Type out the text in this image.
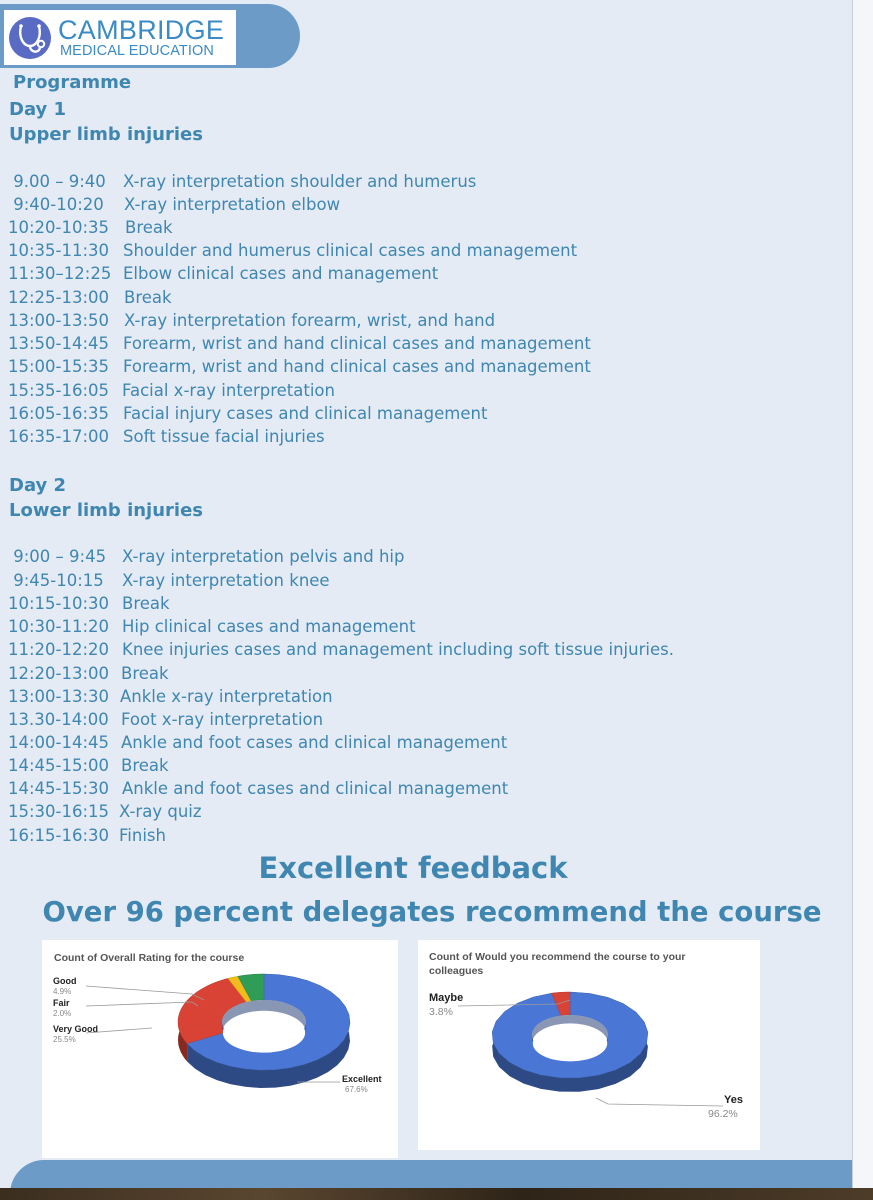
CAMBRIDGE
MEDICAL EDUCATION
Programme
Day 1
Upper limb injuries
9.00 – 9:40 X-ray interpretation shoulder and humerus
9:40-10:20 X-ray interpretation elbow
10:20-10:35 Break
10:35-11:30 Shoulder and humerus clinical cases and management
11:30–12:25 Elbow clinical cases and management
12:25-13:00 Break
13:00-13:50 X-ray interpretation forearm, wrist, and hand
13:50-14:45 Forearm, wrist and hand clinical cases and management
15:00-15:35 Forearm, wrist and hand clinical cases and management
15:35-16:05 Facial x-ray interpretation
16:05-16:35 Facial injury cases and clinical management
16:35-17:00 Soft tissue facial injuries
Day 2
Lower limb injuries
9:00 – 9:45 X-ray interpretation pelvis and hip
9:45-10:15 X-ray interpretation knee
10:15-10:30 Break
10:30-11:20 Hip clinical cases and management
11:20-12:20 Knee injuries cases and management including soft tissue injuries.
12:20-13:00 Break
13:00-13:30 Ankle x-ray interpretation
13.30-14:00 Foot x-ray interpretation
14:00-14:45 Ankle and foot cases and clinical management
14:45-15:00 Break
14:45-15:30 Ankle and foot cases and clinical management
15:30-16:15 X-ray quiz
16:15-16:30 Finish
Excellent feedback
Over 96 percent delegates recommend the course
Count of Overall Rating for the course
Good
4.9%
Fair
2.0%
Very Good
25.5%
Excellent
67.6%
Count of Would you recommend the course to your
colleagues
Maybe
3.8%
Yes
96.2%
